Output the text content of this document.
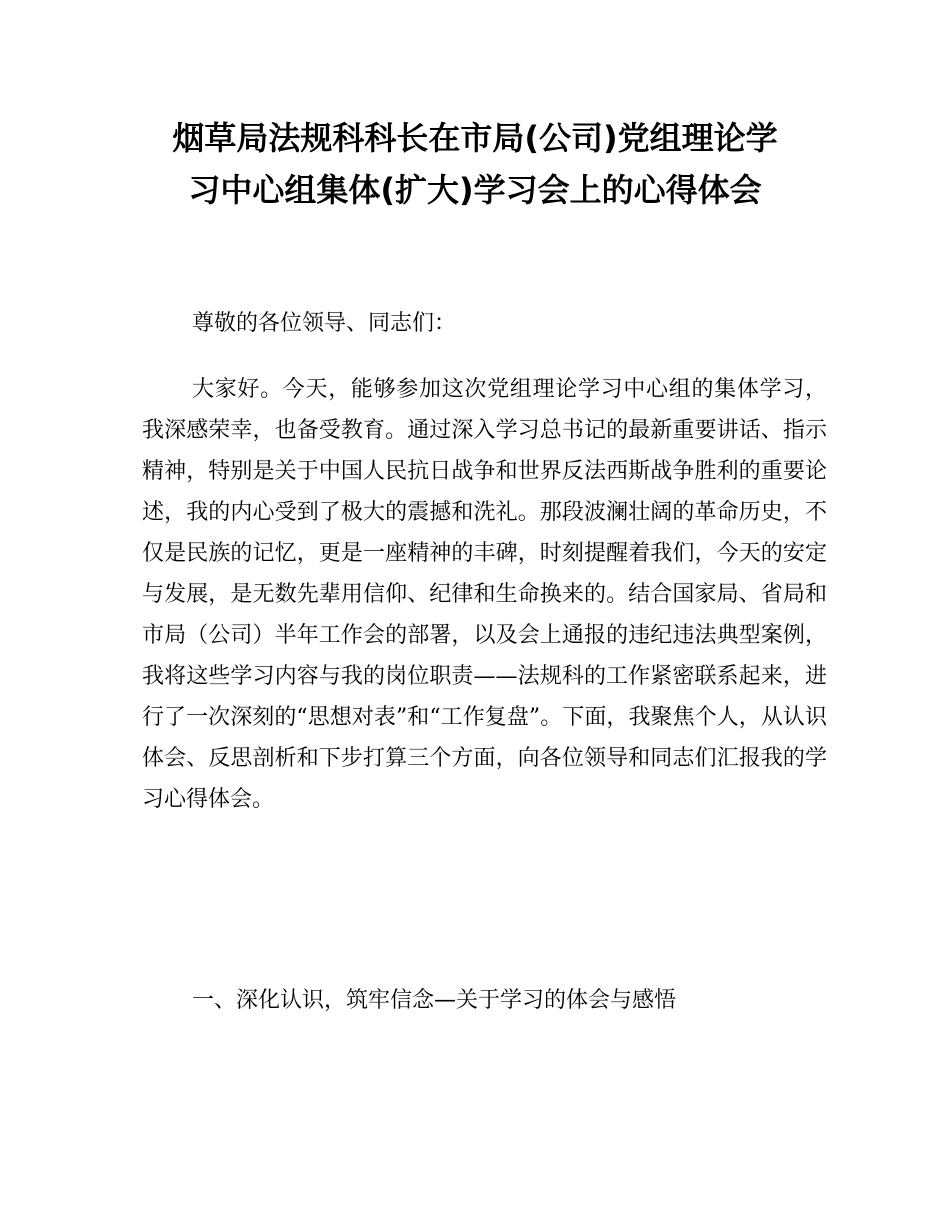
烟草局法规科科长在市局(公司)党组理论学
习中心组集体(扩大)学习会上的心得体会

尊敬的各位领导、同志们：

大家好。今天，能够参加这次党组理论学习中心组的集体学习，我深感荣幸，也备受教育。通过深入学习总书记的最新重要讲话、指示精神，特别是关于中国人民抗日战争和世界反法西斯战争胜利的重要论述，我的内心受到了极大的震撼和洗礼。那段波澜壮阔的革命历史，不仅是民族的记忆，更是一座精神的丰碑，时刻提醒着我们，今天的安定与发展，是无数先辈用信仰、纪律和生命换来的。结合国家局、省局和市局（公司）半年工作会的部署，以及会上通报的违纪违法典型案例，我将这些学习内容与我的岗位职责——法规科的工作紧密联系起来，进行了一次深刻的“思想对表”和“工作复盘”。下面，我聚焦个人，从认识体会、反思剖析和下步打算三个方面，向各位领导和同志们汇报我的学习心得体会。

一、深化认识，筑牢信念—关于学习的体会与感悟
